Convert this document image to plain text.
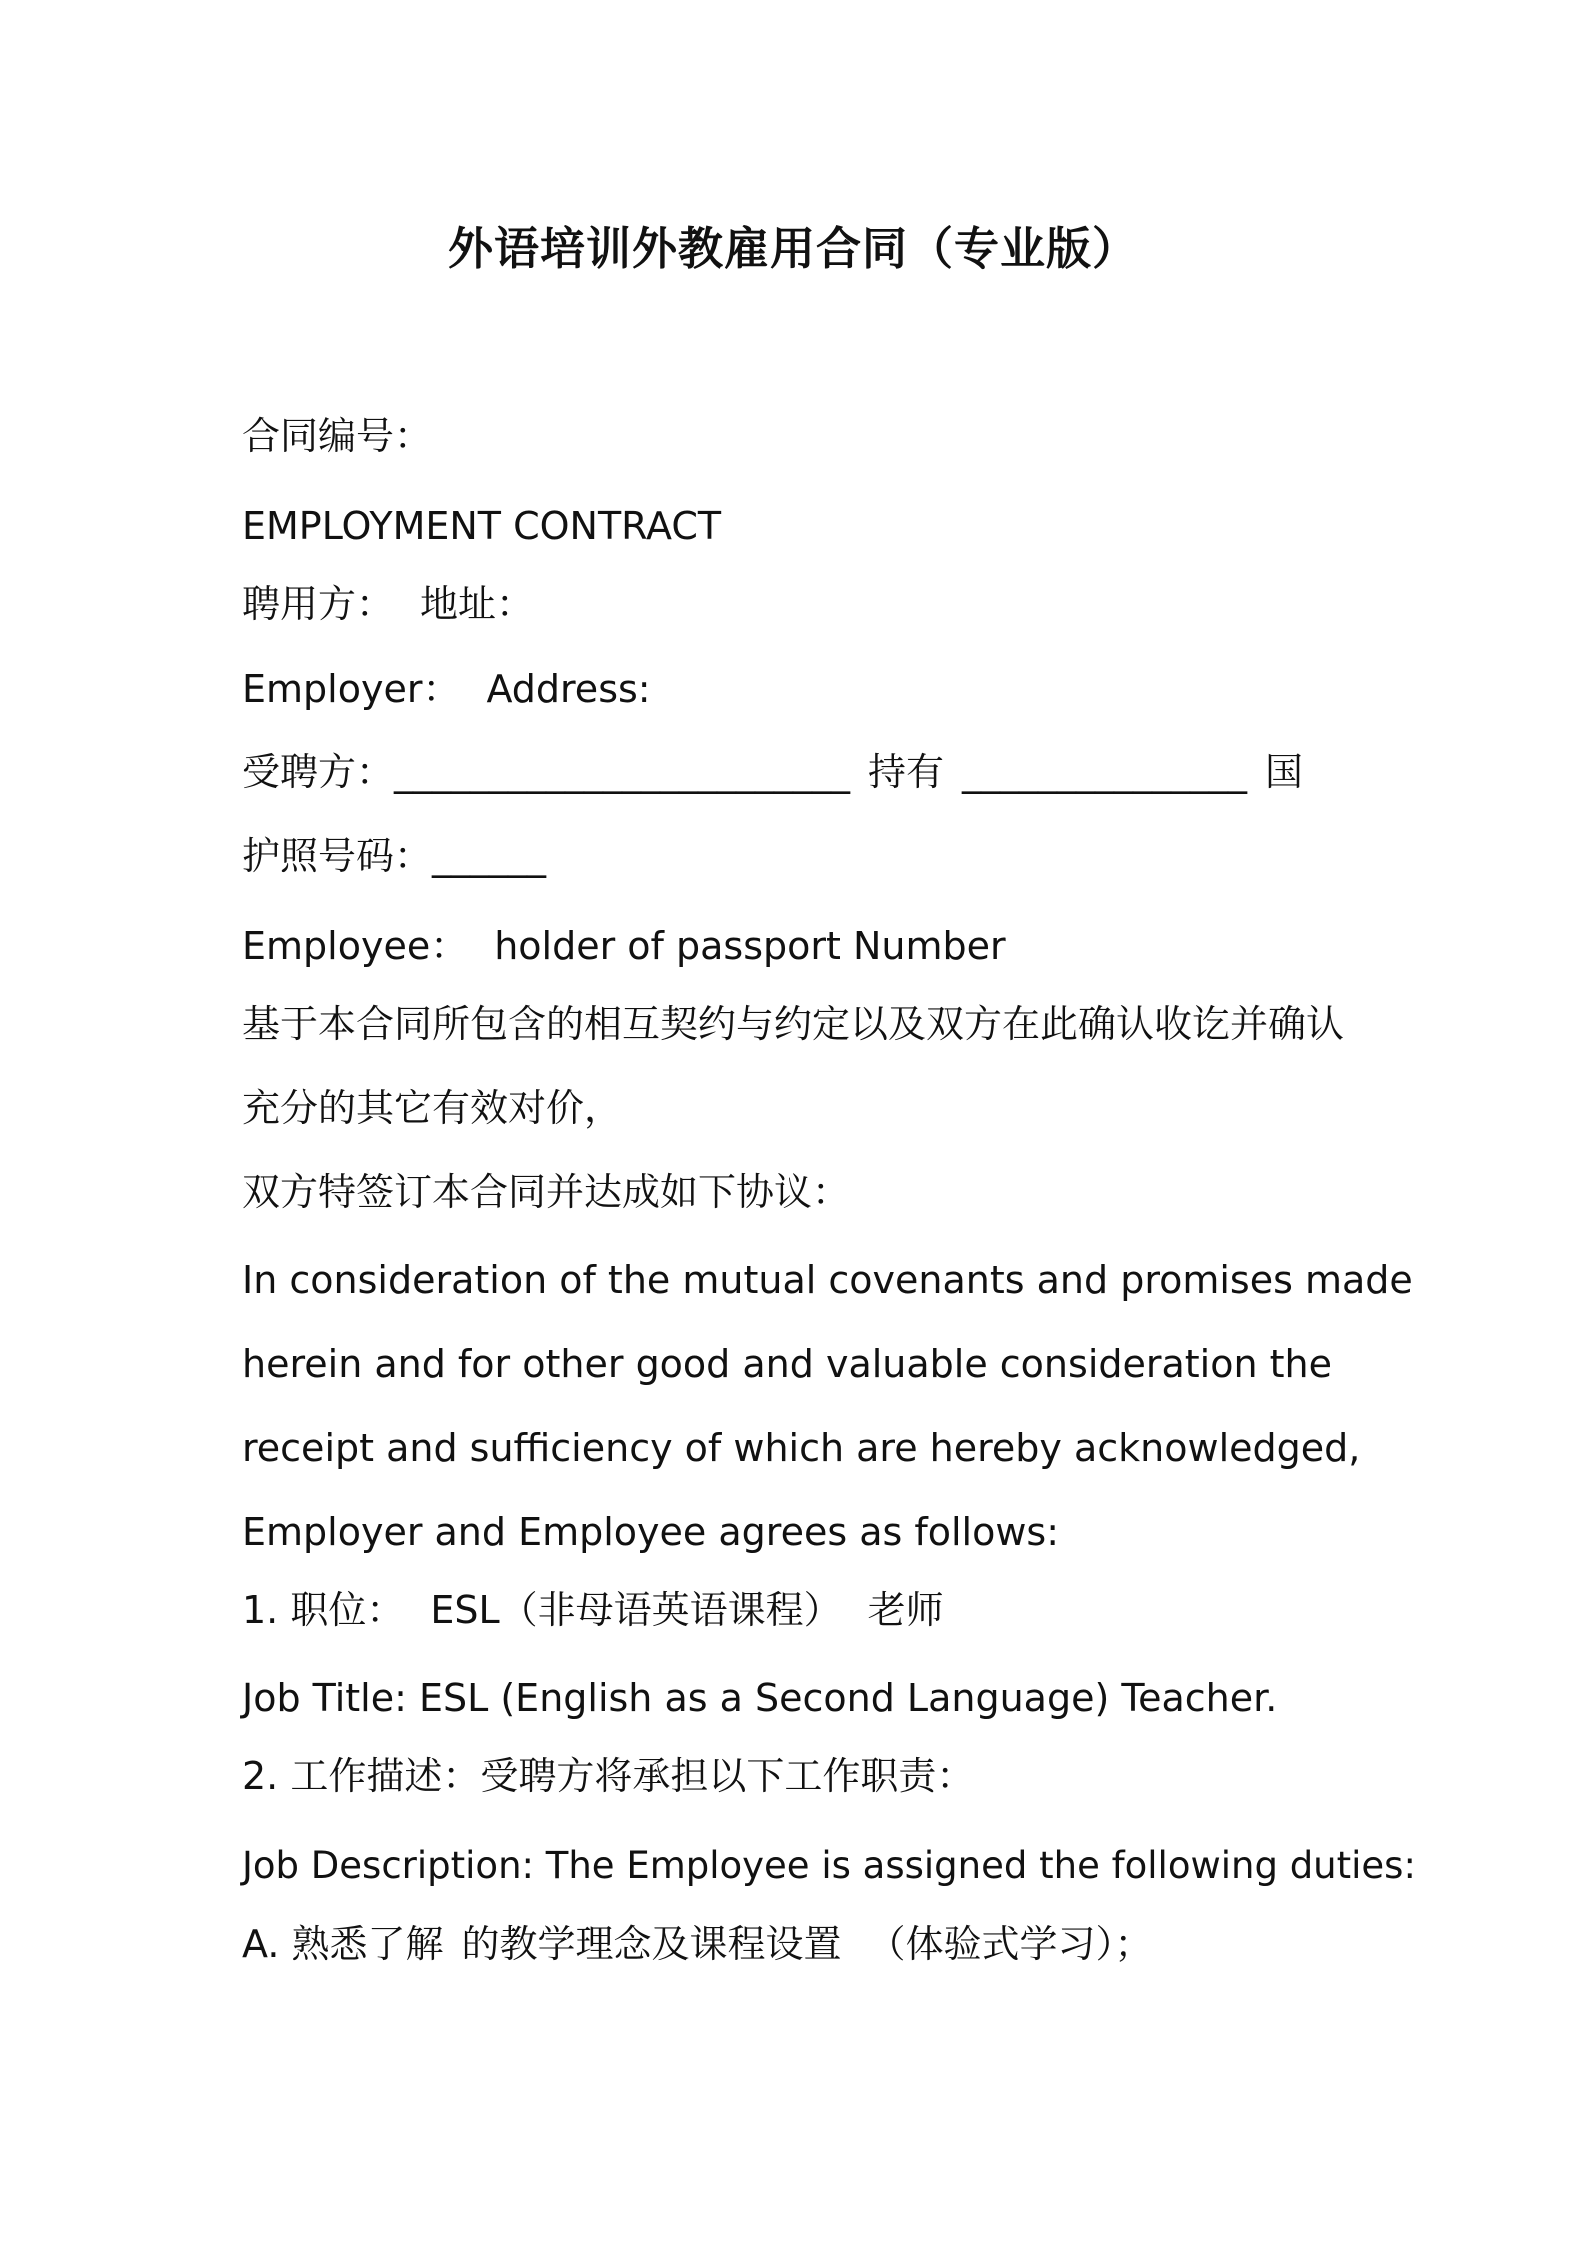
外语培训外教雇用合同（专业版）

合同编号：

EMPLOYMENT CONTRACT

聘用方： 地址：

Employer： Address:

受聘方：________________________ 持有 _______________ 国

护照号码：______

Employee： holder of passport Number

基于本合同所包含的相互契约与约定以及双方在此确认收讫并确认

充分的其它有效对价，

双方特签订本合同并达成如下协议：

In consideration of the mutual covenants and promises made

herein and for other good and valuable consideration the

receipt and sufficiency of which are hereby acknowledged,

Employer and Employee agrees as follows:

1. 职位： ESL（非母语英语课程） 老师

Job Title: ESL (English as a Second Language) Teacher.

2. 工作描述：受聘方将承担以下工作职责：

Job Description: The Employee is assigned the following duties:

A. 熟悉了解 的教学理念及课程设置 （体验式学习）；
